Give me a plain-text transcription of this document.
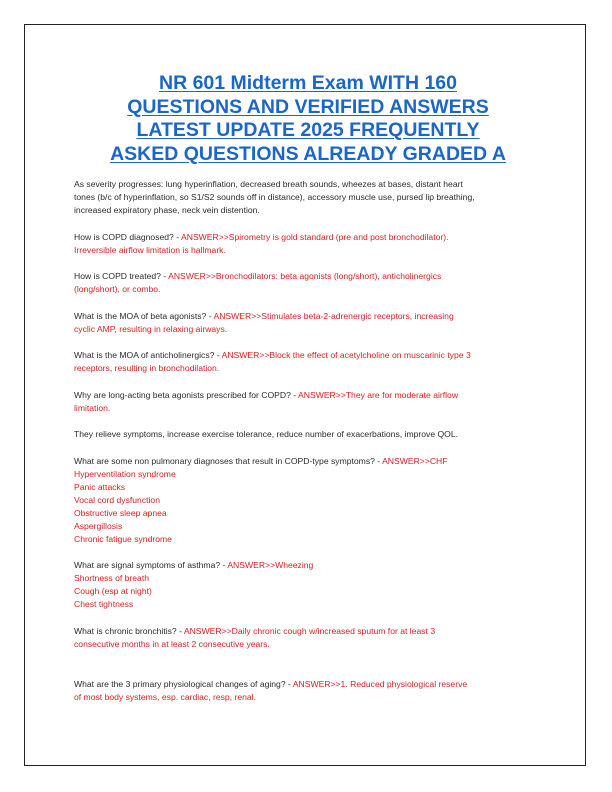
NR 601 Midterm Exam WITH 160
QUESTIONS AND VERIFIED ANSWERS
LATEST UPDATE 2025 FREQUENTLY
ASKED QUESTIONS ALREADY GRADED A

As severity progresses: lung hyperinflation, decreased breath sounds, wheezes at bases, distant heart
tones (b/c of hyperinflation, so S1/S2 sounds off in distance), accessory muscle use, pursed lip breathing,
increased expiratory phase, neck vein distention.

How is COPD diagnosed? - ANSWER>>Spirometry is gold standard (pre and post bronchodilator).
Irreversible airflow limitation is hallmark.

How is COPD treated? - ANSWER>>Bronchodilators: beta agonists (long/short), anticholinergics
(long/short), or combo.

What is the MOA of beta agonists? - ANSWER>>Stimulates beta-2-adrenergic receptors, increasing
cyclic AMP, resulting in relaxing airways.

What is the MOA of anticholinergics? - ANSWER>>Block the effect of acetylcholine on muscarinic type 3
receptors, resulting in bronchodilation.

Why are long-acting beta agonists prescribed for COPD? - ANSWER>>They are for moderate airflow
limitation.

They relieve symptoms, increase exercise tolerance, reduce number of exacerbations, improve QOL.

What are some non pulmonary diagnoses that result in COPD-type symptoms? - ANSWER>>CHF
Hyperventilation syndrome
Panic attacks
Vocal cord dysfunction
Obstructive sleep apnea
Aspergillosis
Chronic fatigue syndrome

What are signal symptoms of asthma? - ANSWER>>Wheezing
Shortness of breath
Cough (esp at night)
Chest tightness

What is chronic bronchitis? - ANSWER>>Daily chronic cough w/increased sputum for at least 3
consecutive months in at least 2 consecutive years.

What are the 3 primary physiological changes of aging? - ANSWER>>1. Reduced physiological reserve
of most body systems, esp. cardiac, resp, renal.
